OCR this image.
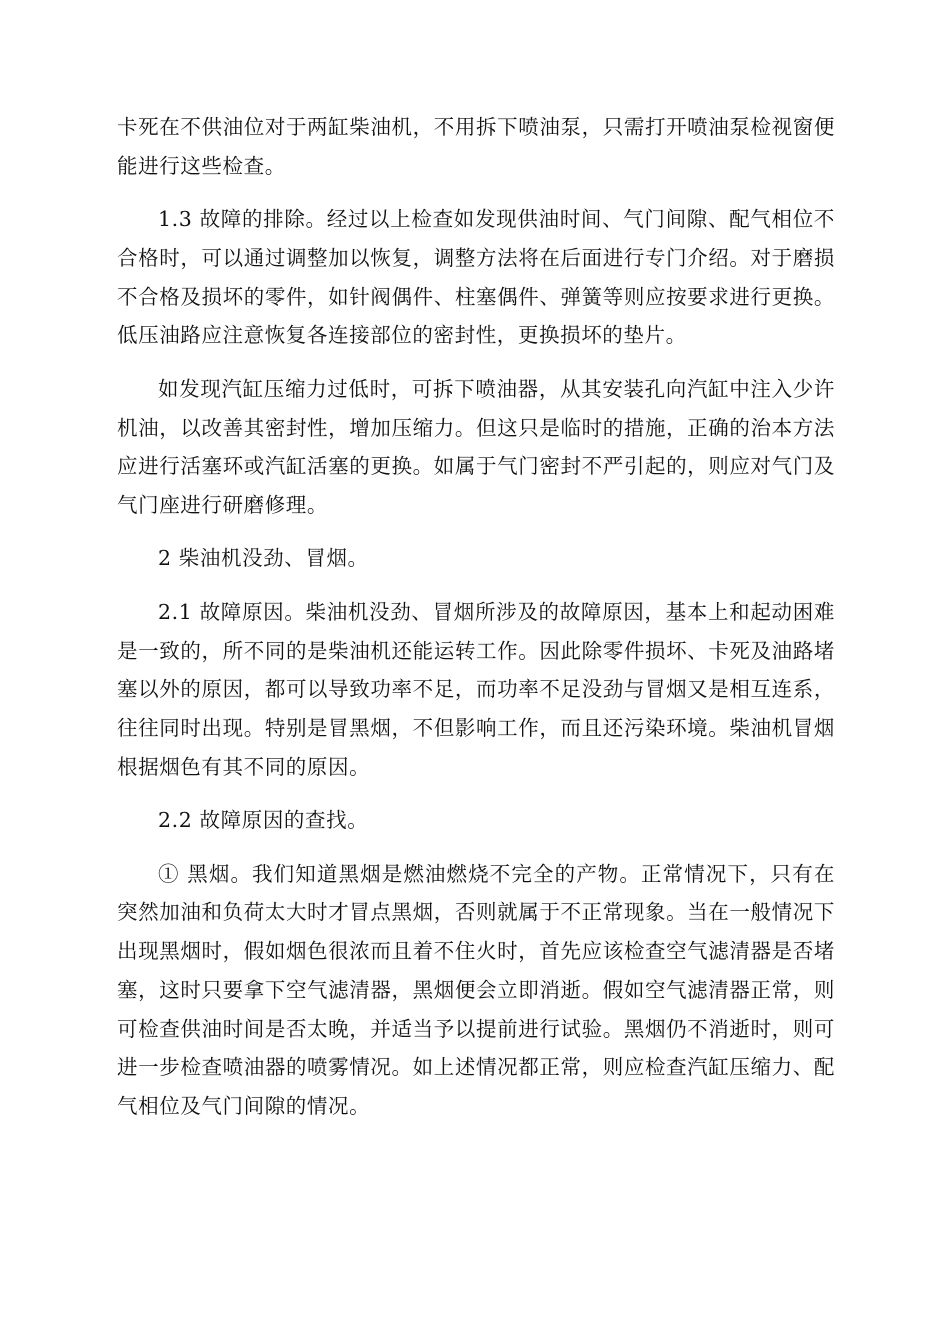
卡死在不供油位对于两缸柴油机，不用拆下喷油泵，只需打开喷油泵检视窗便能进行这些检查。

1.3 故障的排除。经过以上检查如发现供油时间、气门间隙、配气相位不合格时，可以通过调整加以恢复，调整方法将在后面进行专门介绍。对于磨损不合格及损坏的零件，如针阀偶件、柱塞偶件、弹簧等则应按要求进行更换。低压油路应注意恢复各连接部位的密封性，更换损坏的垫片。

如发现汽缸压缩力过低时，可拆下喷油器，从其安装孔向汽缸中注入少许机油，以改善其密封性，增加压缩力。但这只是临时的措施，正确的治本方法应进行活塞环或汽缸活塞的更换。如属于气门密封不严引起的，则应对气门及气门座进行研磨修理。

2 柴油机没劲、冒烟。

2.1 故障原因。柴油机没劲、冒烟所涉及的故障原因，基本上和起动困难是一致的，所不同的是柴油机还能运转工作。因此除零件损坏、卡死及油路堵塞以外的原因，都可以导致功率不足，而功率不足没劲与冒烟又是相互连系，往往同时出现。特别是冒黑烟，不但影响工作，而且还污染环境。柴油机冒烟根据烟色有其不同的原因。

2.2 故障原因的查找。

① 黑烟。我们知道黑烟是燃油燃烧不完全的产物。正常情况下，只有在突然加油和负荷太大时才冒点黑烟，否则就属于不正常现象。当在一般情况下出现黑烟时，假如烟色很浓而且着不住火时，首先应该检查空气滤清器是否堵塞，这时只要拿下空气滤清器，黑烟便会立即消逝。假如空气滤清器正常，则可检查供油时间是否太晚，并适当予以提前进行试验。黑烟仍不消逝时，则可进一步检查喷油器的喷雾情况。如上述情况都正常，则应检查汽缸压缩力、配气相位及气门间隙的情况。
